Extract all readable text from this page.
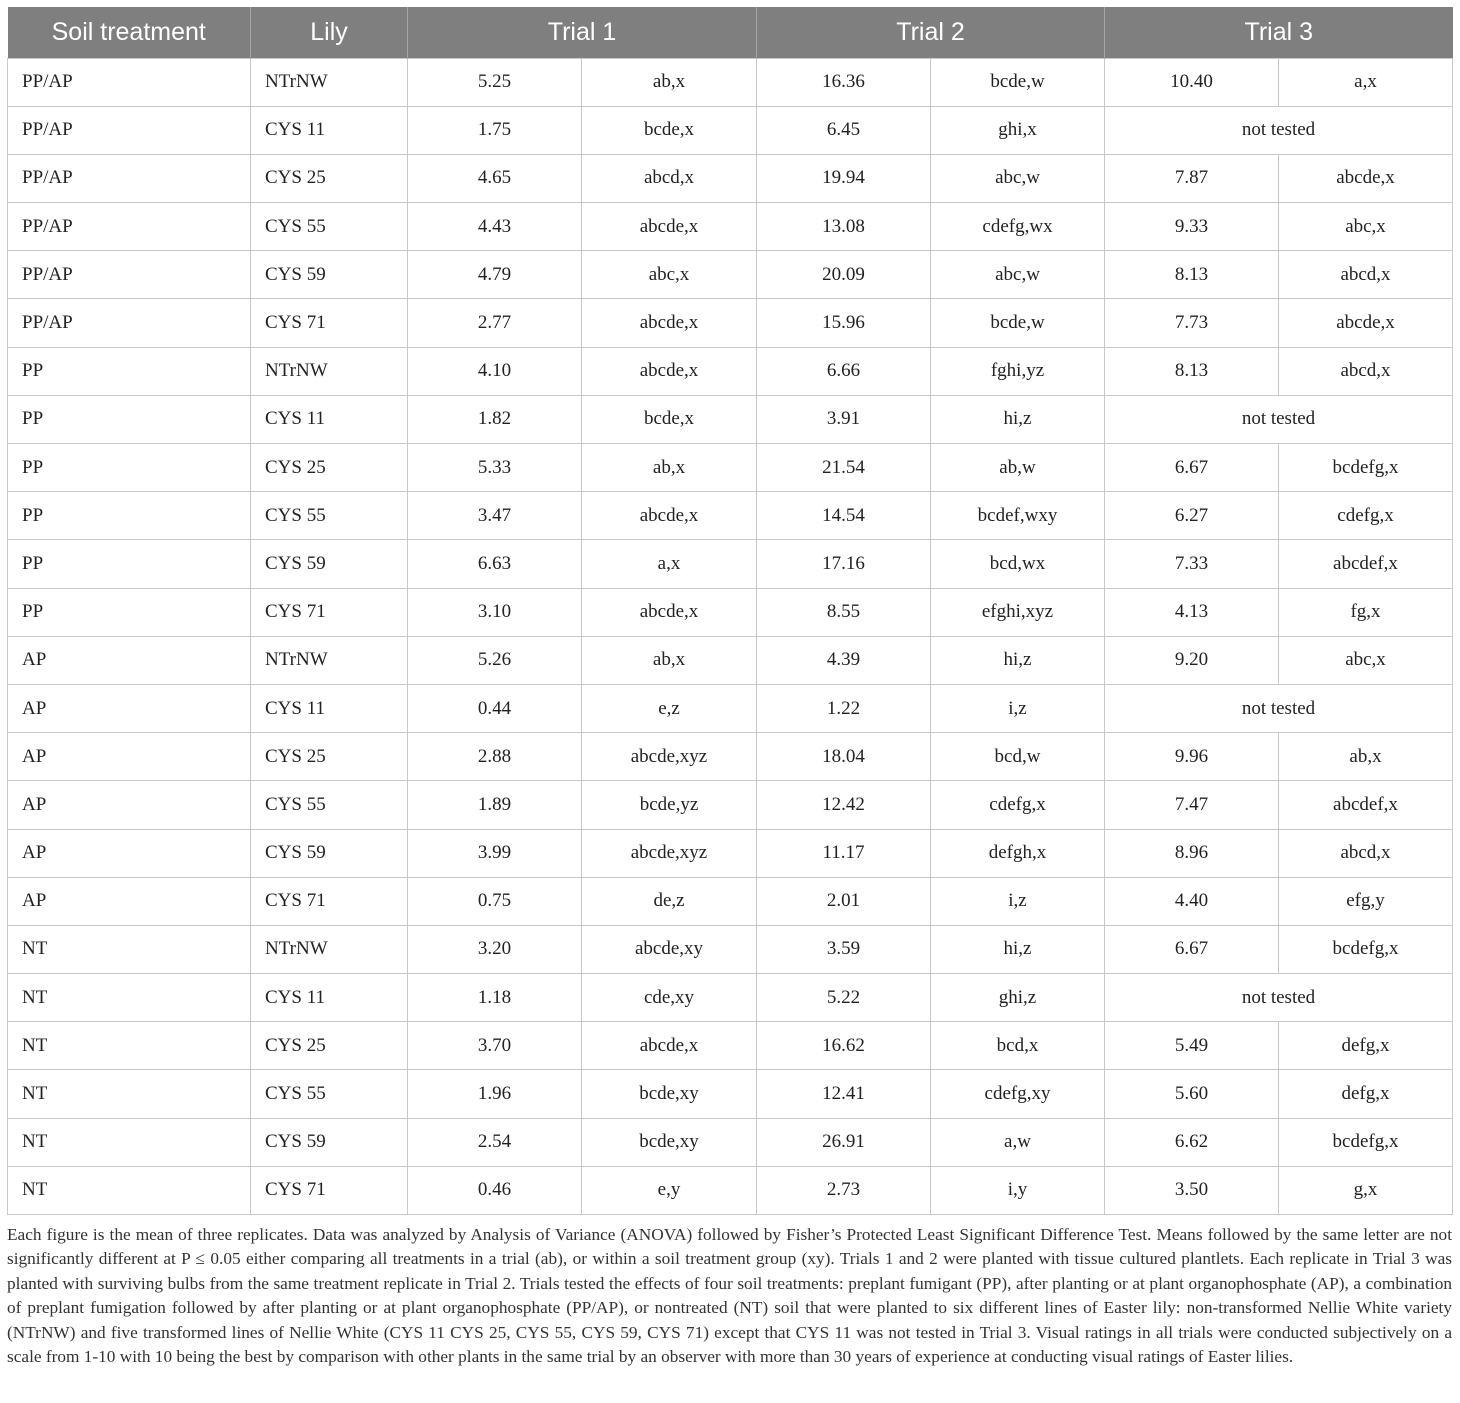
Soil treatment	Lily	Trial 1		Trial 2		Trial 3	
PP/AP	NTrNW	5.25	ab,x	16.36	bcde,w	10.40	a,x
PP/AP	CYS 11	1.75	bcde,x	6.45	ghi,x	not tested	
PP/AP	CYS 25	4.65	abcd,x	19.94	abc,w	7.87	abcde,x
PP/AP	CYS 55	4.43	abcde,x	13.08	cdefg,wx	9.33	abc,x
PP/AP	CYS 59	4.79	abc,x	20.09	abc,w	8.13	abcd,x
PP/AP	CYS 71	2.77	abcde,x	15.96	bcde,w	7.73	abcde,x
PP	NTrNW	4.10	abcde,x	6.66	fghi,yz	8.13	abcd,x
PP	CYS 11	1.82	bcde,x	3.91	hi,z	not tested	
PP	CYS 25	5.33	ab,x	21.54	ab,w	6.67	bcdefg,x
PP	CYS 55	3.47	abcde,x	14.54	bcdef,wxy	6.27	cdefg,x
PP	CYS 59	6.63	a,x	17.16	bcd,wx	7.33	abcdef,x
PP	CYS 71	3.10	abcde,x	8.55	efghi,xyz	4.13	fg,x
AP	NTrNW	5.26	ab,x	4.39	hi,z	9.20	abc,x
AP	CYS 11	0.44	e,z	1.22	i,z	not tested	
AP	CYS 25	2.88	abcde,xyz	18.04	bcd,w	9.96	ab,x
AP	CYS 55	1.89	bcde,yz	12.42	cdefg,x	7.47	abcdef,x
AP	CYS 59	3.99	abcde,xyz	11.17	defgh,x	8.96	abcd,x
AP	CYS 71	0.75	de,z	2.01	i,z	4.40	efg,y
NT	NTrNW	3.20	abcde,xy	3.59	hi,z	6.67	bcdefg,x
NT	CYS 11	1.18	cde,xy	5.22	ghi,z	not tested	
NT	CYS 25	3.70	abcde,x	16.62	bcd,x	5.49	defg,x
NT	CYS 55	1.96	bcde,xy	12.41	cdefg,xy	5.60	defg,x
NT	CYS 59	2.54	bcde,xy	26.91	a,w	6.62	bcdefg,x
NT	CYS 71	0.46	e,y	2.73	i,y	3.50	g,x
Each figure is the mean of three replicates. Data was analyzed by Analysis of Variance (ANOVA) followed by Fisher’s Protected Least Significant Difference Test. Means followed by the same letter are not significantly different at P ≤ 0.05 either comparing all treatments in a trial (ab), or within a soil treatment group (xy). Trials 1 and 2 were planted with tissue cultured plantlets. Each replicate in Trial 3 was planted with surviving bulbs from the same treatment replicate in Trial 2. Trials tested the effects of four soil treatments: preplant fumigant (PP), after planting or at plant organophosphate (AP), a combination of preplant fumigation followed by after planting or at plant organophosphate (PP/AP), or nontreated (NT) soil that were planted to six different lines of Easter lily: non-transformed Nellie White variety (NTrNW) and five transformed lines of Nellie White (CYS 11 CYS 25, CYS 55, CYS 59, CYS 71) except that CYS 11 was not tested in Trial 3. Visual ratings in all trials were conducted subjectively on a scale from 1-10 with 10 being the best by comparison with other plants in the same trial by an observer with more than 30 years of experience at conducting visual ratings of Easter lilies.
